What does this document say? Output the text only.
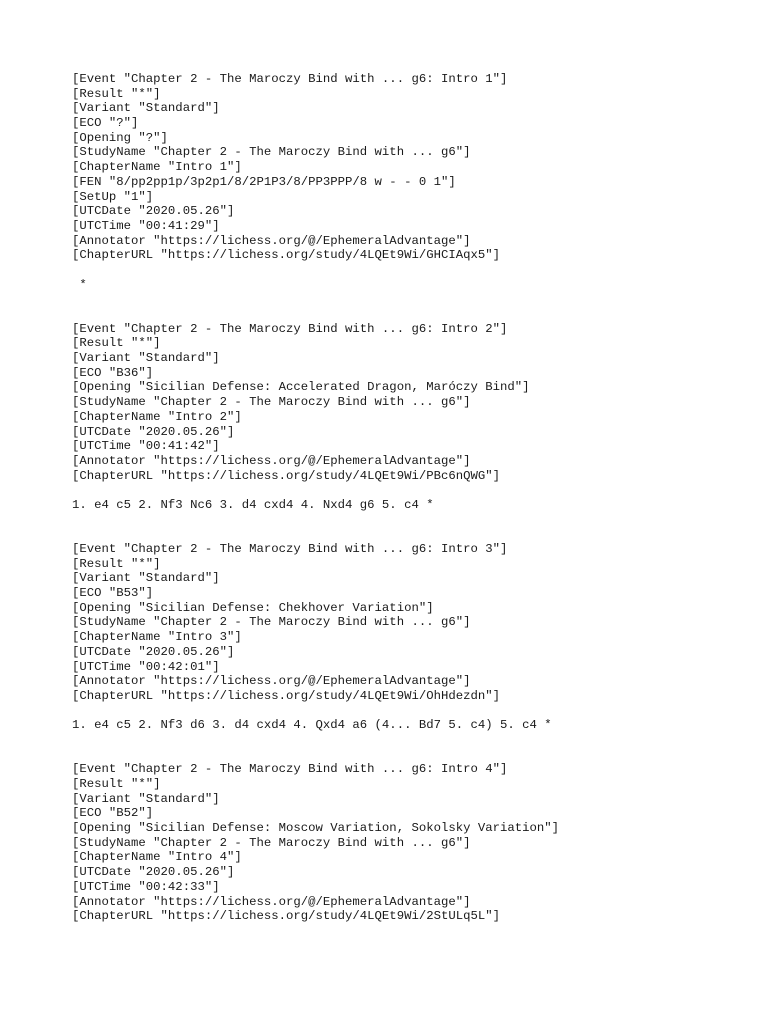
[Event "Chapter 2 - The Maroczy Bind with ... g6: Intro 1"]
[Result "*"]
[Variant "Standard"]
[ECO "?"]
[Opening "?"]
[StudyName "Chapter 2 - The Maroczy Bind with ... g6"]
[ChapterName "Intro 1"]
[FEN "8/pp2pp1p/3p2p1/8/2P1P3/8/PP3PPP/8 w - - 0 1"]
[SetUp "1"]
[UTCDate "2020.05.26"]
[UTCTime "00:41:29"]
[Annotator "https://lichess.org/@/EphemeralAdvantage"]
[ChapterURL "https://lichess.org/study/4LQEt9Wi/GHCIAqx5"]
*
[Event "Chapter 2 - The Maroczy Bind with ... g6: Intro 2"]
[Result "*"]
[Variant "Standard"]
[ECO "B36"]
[Opening "Sicilian Defense: Accelerated Dragon, Maróczy Bind"]
[StudyName "Chapter 2 - The Maroczy Bind with ... g6"]
[ChapterName "Intro 2"]
[UTCDate "2020.05.26"]
[UTCTime "00:41:42"]
[Annotator "https://lichess.org/@/EphemeralAdvantage"]
[ChapterURL "https://lichess.org/study/4LQEt9Wi/PBc6nQWG"]
1. e4 c5 2. Nf3 Nc6 3. d4 cxd4 4. Nxd4 g6 5. c4 *
[Event "Chapter 2 - The Maroczy Bind with ... g6: Intro 3"]
[Result "*"]
[Variant "Standard"]
[ECO "B53"]
[Opening "Sicilian Defense: Chekhover Variation"]
[StudyName "Chapter 2 - The Maroczy Bind with ... g6"]
[ChapterName "Intro 3"]
[UTCDate "2020.05.26"]
[UTCTime "00:42:01"]
[Annotator "https://lichess.org/@/EphemeralAdvantage"]
[ChapterURL "https://lichess.org/study/4LQEt9Wi/OhHdezdn"]
1. e4 c5 2. Nf3 d6 3. d4 cxd4 4. Qxd4 a6 (4... Bd7 5. c4) 5. c4 *
[Event "Chapter 2 - The Maroczy Bind with ... g6: Intro 4"]
[Result "*"]
[Variant "Standard"]
[ECO "B52"]
[Opening "Sicilian Defense: Moscow Variation, Sokolsky Variation"]
[StudyName "Chapter 2 - The Maroczy Bind with ... g6"]
[ChapterName "Intro 4"]
[UTCDate "2020.05.26"]
[UTCTime "00:42:33"]
[Annotator "https://lichess.org/@/EphemeralAdvantage"]
[ChapterURL "https://lichess.org/study/4LQEt9Wi/2StULq5L"]
